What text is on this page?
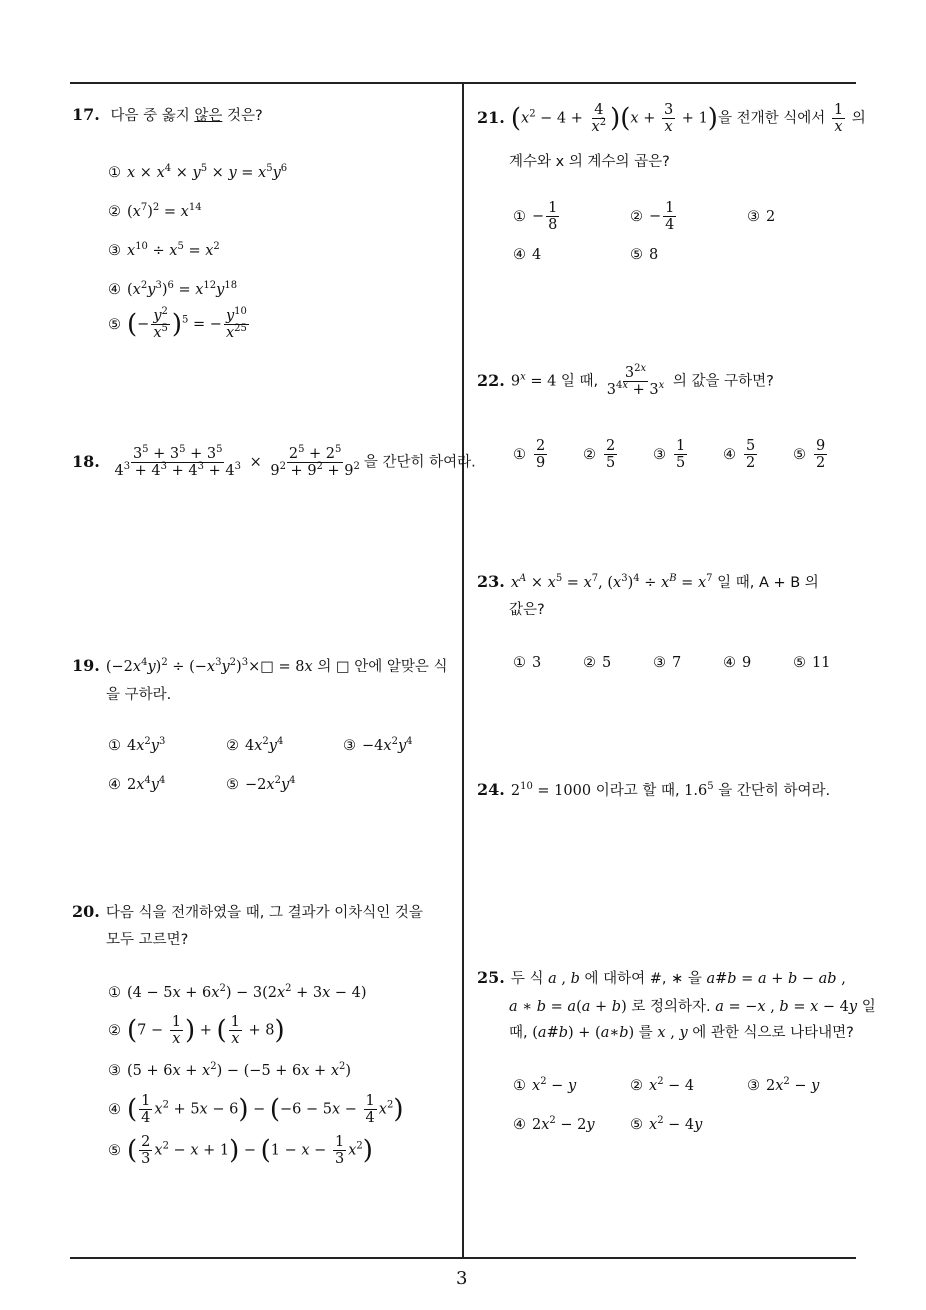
17. 다음 중 옳지 않은 것은?
① $x \times x^4 \times y^5 \times y = x^5y^6$
② $(x^7)^2 = x^{14}$
③ $x^{10} \div x^5 = x^2$
④ $(x^2y^3)^6 = x^{12}y^{18}$
⑤ (− $\frac{y^2}{x^5} )^5$ = − $\frac{y^{10}}{x^{25}}$
18. $\frac{3^5 + 3^5 + 3^5}{4^3 + 4^3 + 4^3 + 4^3} \times \frac{2^5 + 2^5}{9^2 + 9^2 + 9^2}$ 을 간단히 하여라.
19. $(-2x^4y)^2$ ÷ $(-x^3y^2)^3\times□ = 8x$ 의 □ 안에 알맞은 식
을 구하라.
① $4x^2y^3$	② $4x^2y^4$	③ $-4x^2y^4$
④ $2x^4y^4$	⑤ $-2x^2y^4$
20. 다음 식을 전개하였을 때, 그 결과가 이차식인 것을
모두 고르면?
① $(4 - 5x + 6x^2) - 3(2x^2 + 3x - 4)$
② ($7 - \frac{1}{x}$ ) + ( $\frac{1}{x} + 8$)
③ $(5 + 6x + x^2) - (-5 + 6x + x^2)$
④ ( $\frac{1}{4} x^2 + 5x - 6) - (-6 - 5x - \frac{1}{4} x^2)$
⑤ ( $\frac{2}{3} x^2 - x + 1) - (1 - x - \frac{1}{3} x^2)$
21. $(x^2 - 4 + \frac{4}{x^2} )(x + \frac{3}{x} + 1)$을 전개한 식에서 $\frac{1}{x}$ 의
계수와 x 의 계수의 곱은?
① − $\frac{1}{8}$	② − $\frac{1}{4}$	③ 2
④ 4	⑤ 8
22. $9^x = 4$ 일 때, $\frac{3^{2x}}{3^{4x} + 3^x}$ 의 값을 구하면?
① $\frac{2}{9}$ ② $\frac{2}{5}$ ③ $\frac{1}{5}$ ④ $\frac{5}{2}$ ⑤ $\frac{9}{2}$
23. $x^A \times x^5 = x^7$, $(x^3)^4 \div x^B = x^7$ 일 때, A + B 의
값은?
① 3	② 5	③ 7	④ 9	⑤ 11
24. $2^{10} = 1000$ 이라고 할 때, $1.6^5$ 을 간단히 하여라.
25. 두 식 a , b 에 대하여 #, ∗ 을 a#b = a + b − ab ,
a ∗ b = a(a + b) 로 정의하자. a = −x , b = x − 4y 일
때, (a#b) + (a∗b) 를 x , y 에 관한 식으로 나타내면?
① $x^2 - y$	② $x^2 - 4$	③ $2x^2 - y$
④ $2x^2 - 2y$ ⑤ $x^2 - 4y$
3
